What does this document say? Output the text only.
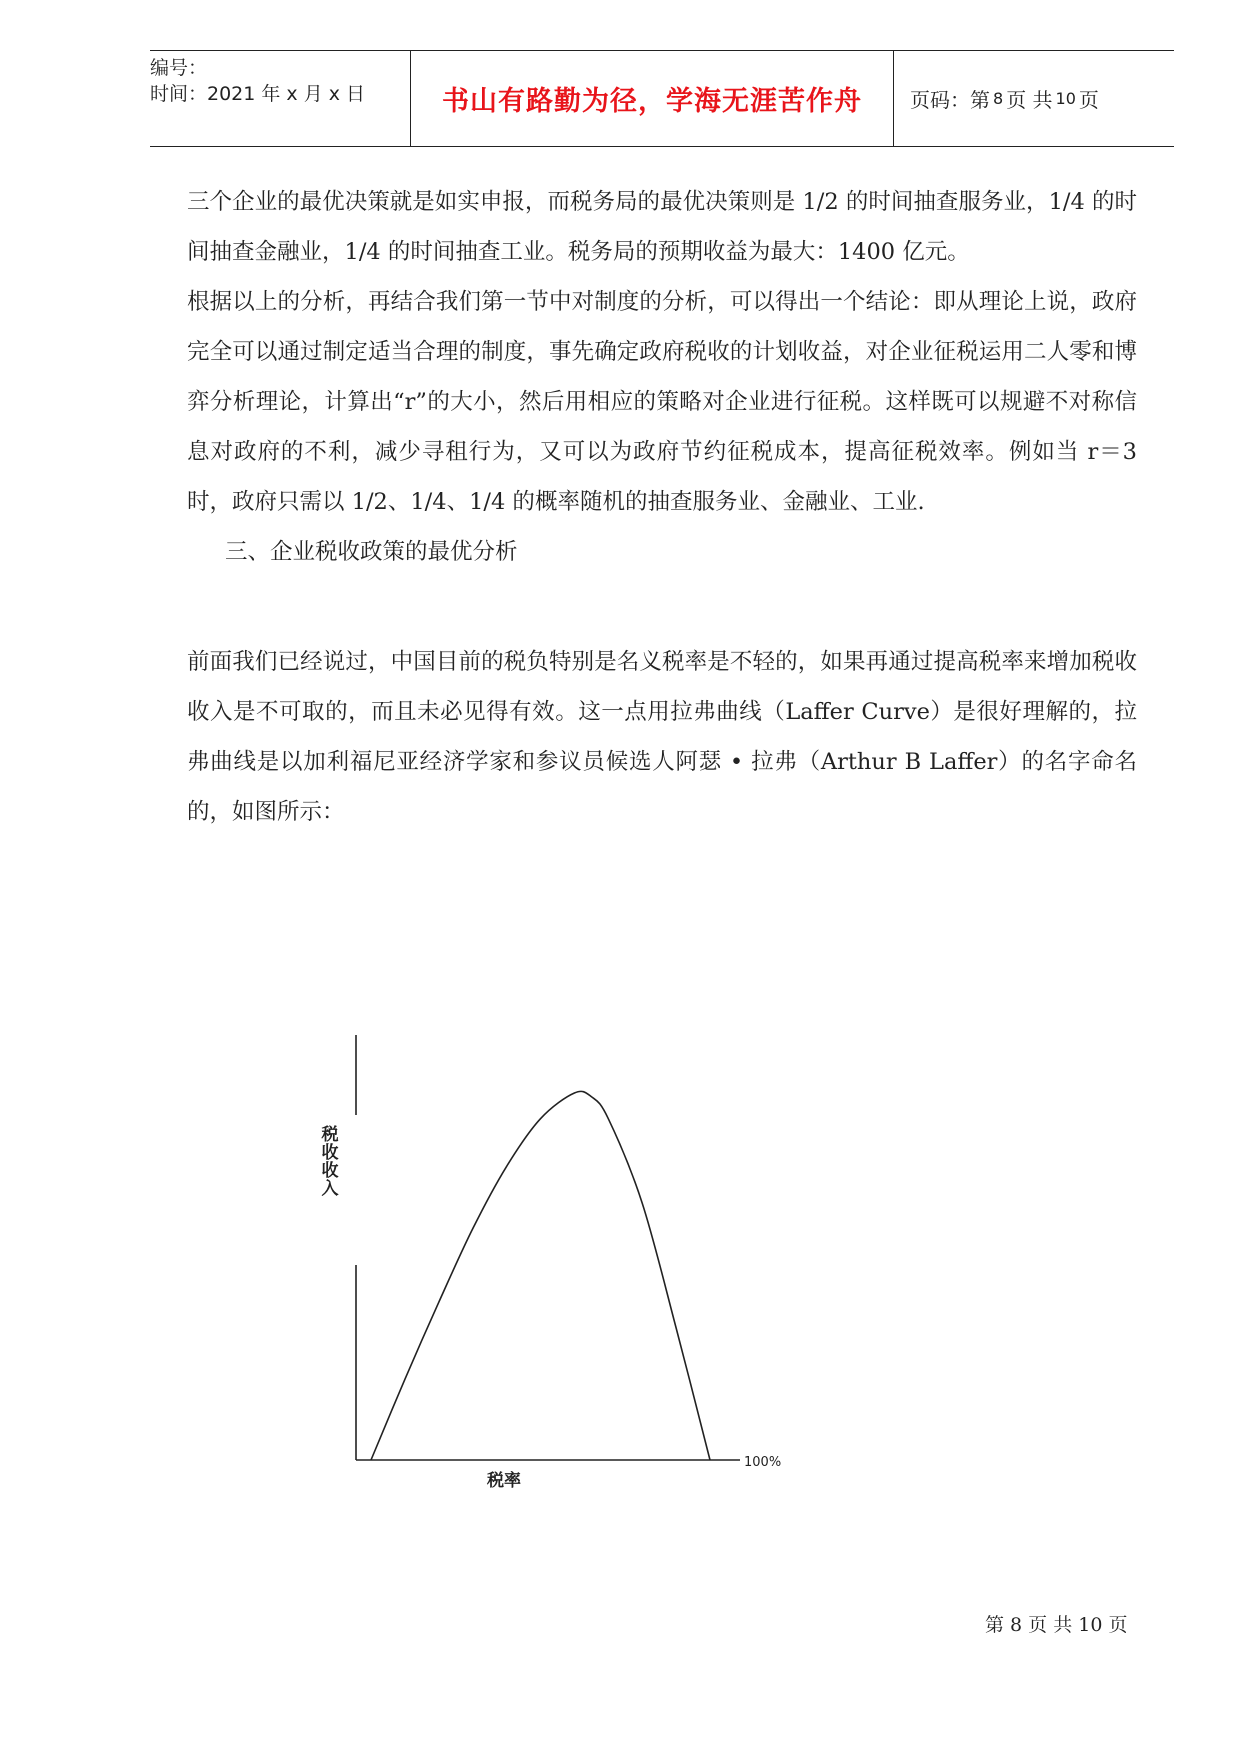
编号：
时间：2021 年 x 月 x 日	书山有路勤为径，学海无涯苦作舟 页码：第 8 页 共 10 页

三个企业的最优决策就是如实申报，而税务局的最优决策则是 1/2 的时间抽查服务业，1/4 的时间抽查金融业，1/4 的时间抽查工业。税务局的预期收益为最大：1400 亿元。

根据以上的分析，再结合我们第一节中对制度的分析，可以得出一个结论：即从理论上说，政府完全可以通过制定适当合理的制度，事先确定政府税收的计划收益，对企业征税运用二人零和博弈分析理论，计算出“r”的大小，然后用相应的策略对企业进行征税。这样既可以规避不对称信息对政府的不利，减少寻租行为，又可以为政府节约征税成本，提高征税效率。例如当 r＝3 时，政府只需以 1/2、1/4、1/4 的概率随机的抽查服务业、金融业、工业.

三、企业税收政策的最优分析

前面我们已经说过，中国目前的税负特别是名义税率是不轻的，如果再通过提高税率来增加税收收入是不可取的，而且未必见得有效。这一点用拉弗曲线（Laffer Curve）是很好理解的，拉弗曲线是以加利福尼亚经济学家和参议员候选人阿瑟 • 拉弗（Arthur B Laffer）的名字命名的，如图所示：

税收收入
税率
100%
第 8 页 共 10 页
